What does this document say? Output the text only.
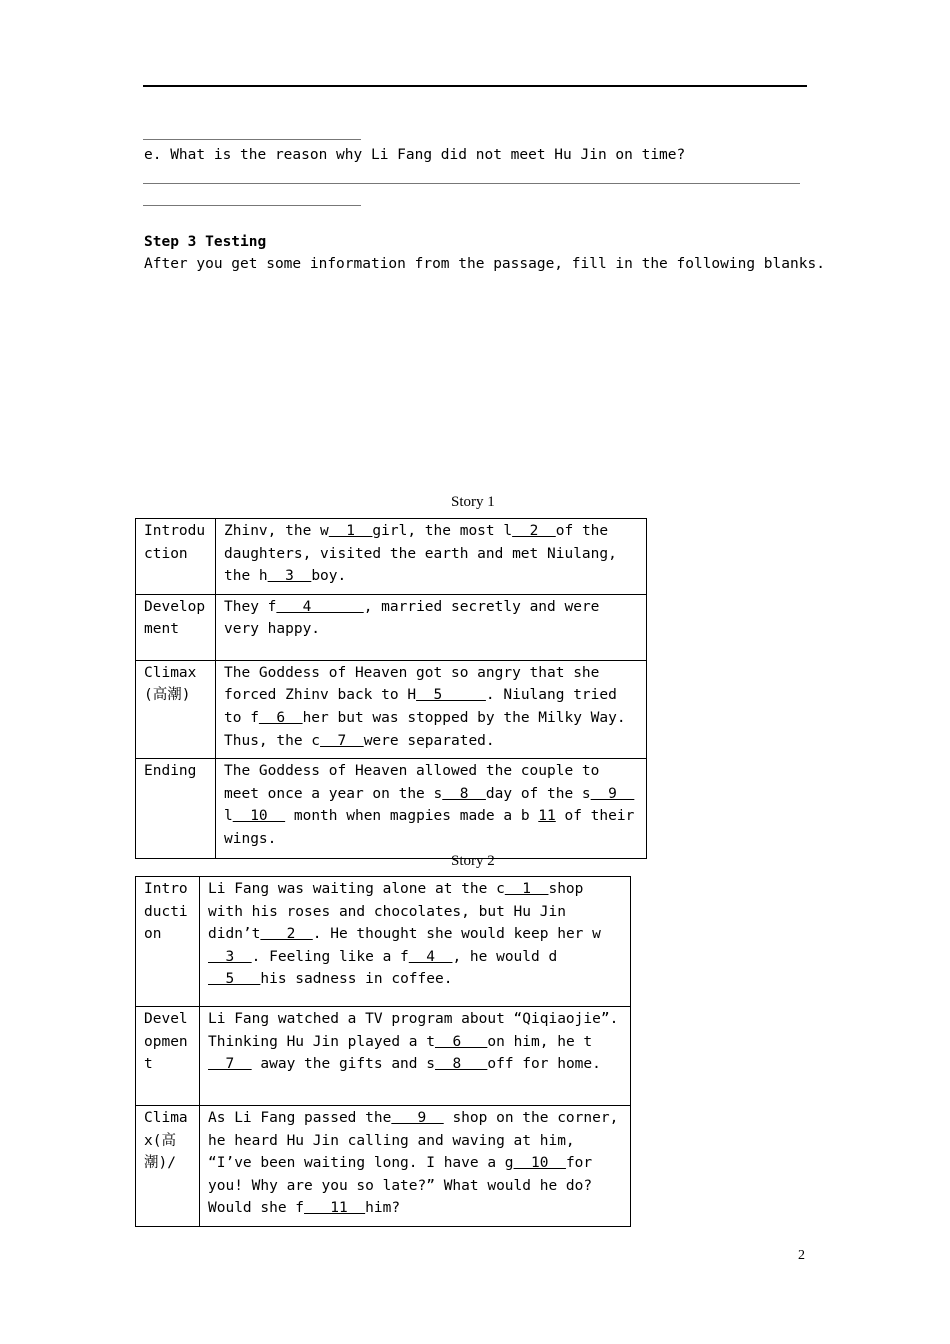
e. What is the reason why Li Fang did not meet Hu Jin on time?
Step 3 Testing
After you get some information from the passage, fill in the following blanks.
Story 1
Introduction	Zhinv, the w  1  girl, the most l  2  of the daughters, visited the earth and met Niulang, the h  3  boy.
Development	They f   4      , married secretly and were very happy.
Climax(高潮)	The Goddess of Heaven got so angry that she forced Zhinv back to H  5     . Niulang tried to f  6  her but was stopped by the Milky Way. Thus, the c  7  were separated.
Ending	The Goddess of Heaven allowed the couple to meet once a year on the s  8  day of the s  9   l  10   month when magpies made a b 11 of their wings.
Story 2
Introduction	Li Fang was waiting alone at the c  1  shop with his roses and chocolates, but Hu Jin didn’t   2  . He thought she would keep her w  3  . Feeling like a f  4  , he would d  5   his sadness in coffee.
Development	Li Fang watched a TV program about “Qiqiaojie”. Thinking Hu Jin played a t  6   on him, he t  7   away the gifts and s  8   off for home.
Climax(高潮)/	As Li Fang passed the   9   shop on the corner, he heard Hu Jin calling and waving at him, “I’ve been waiting long. I have a g  10  for you! Why are you so late?” What would he do? Would she f   11  him?
2
